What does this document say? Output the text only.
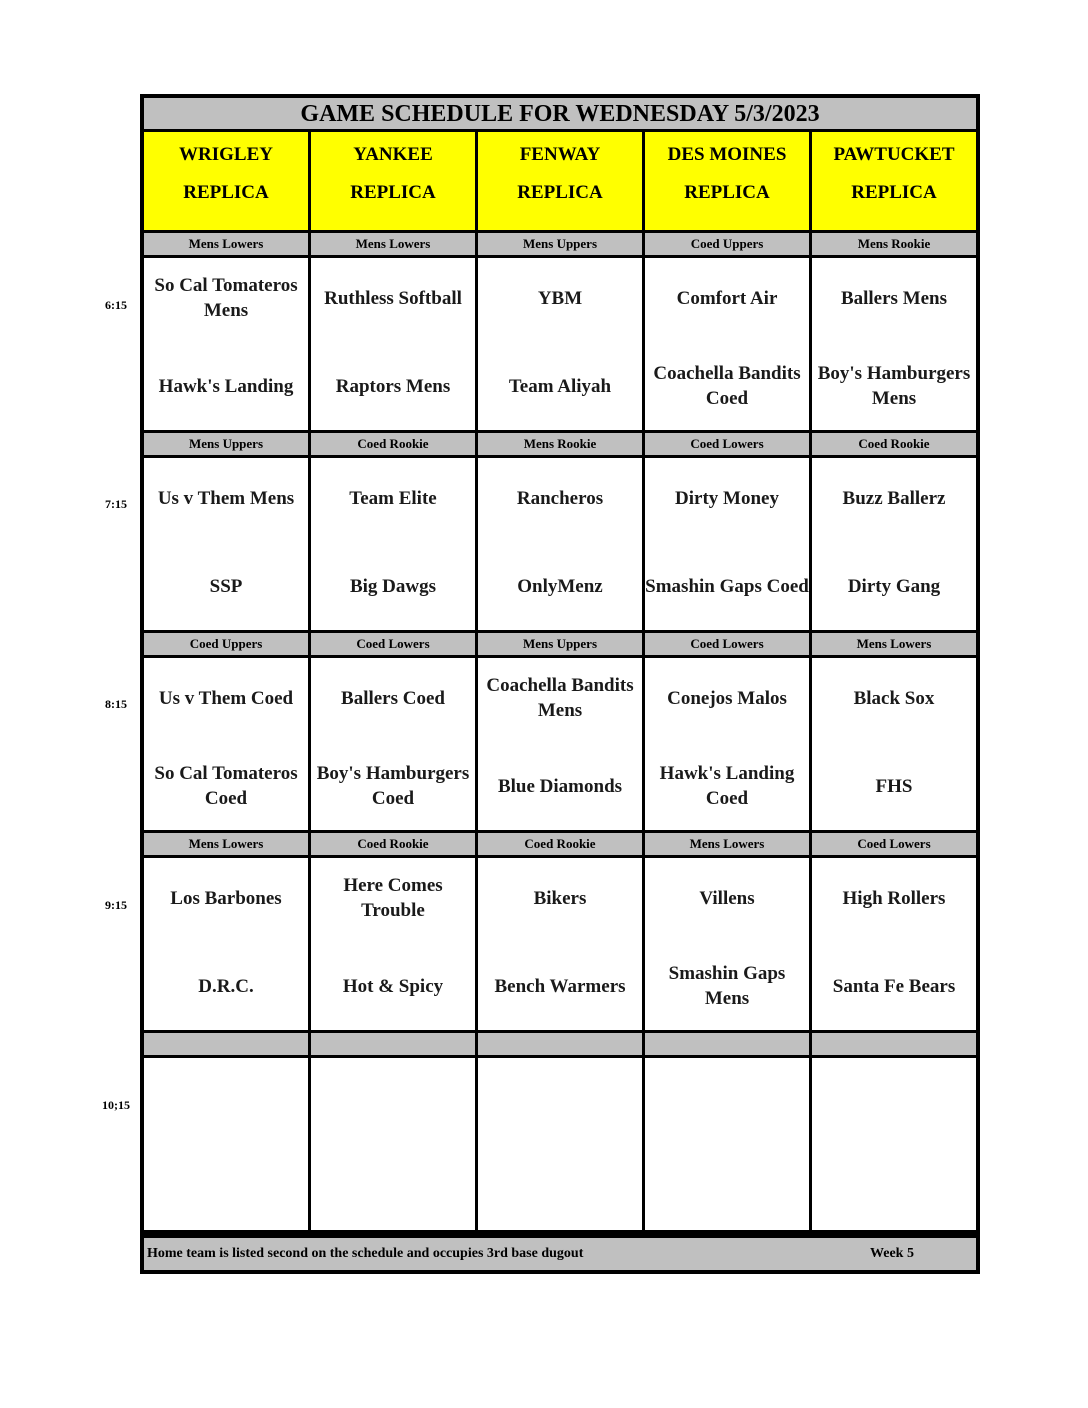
6:15
7:15
8:15
9:15
10;15
GAME SCHEDULE FOR WEDNESDAY 5/3/2023
WRIGLEY
REPLICA
Mens Lowers
So Cal Tomateros Mens
Hawk's Landing
Mens Uppers
Us v Them Mens
SSP
Coed Uppers
Us v Them Coed
So Cal Tomateros Coed
Mens Lowers
Los Barbones
D.R.C.
YANKEE
REPLICA
Mens Lowers
Ruthless Softball
Raptors Mens
Coed Rookie
Team Elite
Big Dawgs
Coed Lowers
Ballers Coed
Boy's Hamburgers Coed
Coed Rookie
Here Comes Trouble
Hot & Spicy
FENWAY
REPLICA
Mens Uppers
YBM
Team Aliyah
Mens Rookie
Rancheros
OnlyMenz
Mens Uppers
Coachella Bandits Mens
Blue Diamonds
Coed Rookie
Bikers
Bench Warmers
DES MOINES
REPLICA
Coed Uppers
Comfort Air
Coachella Bandits Coed
Coed Lowers
Dirty Money
Smashin Gaps Coed
Coed Lowers
Conejos Malos
Hawk's Landing Coed
Mens Lowers
Villens
Smashin Gaps Mens
PAWTUCKET
REPLICA
Mens Rookie
Ballers Mens
Boy's Hamburgers Mens
Coed Rookie
Buzz Ballerz
Dirty Gang
Mens Lowers
Black Sox
FHS
Coed Lowers
High Rollers
Santa Fe Bears
Home team is listed second on the schedule and occupies 3rd base dugout	Week 5
